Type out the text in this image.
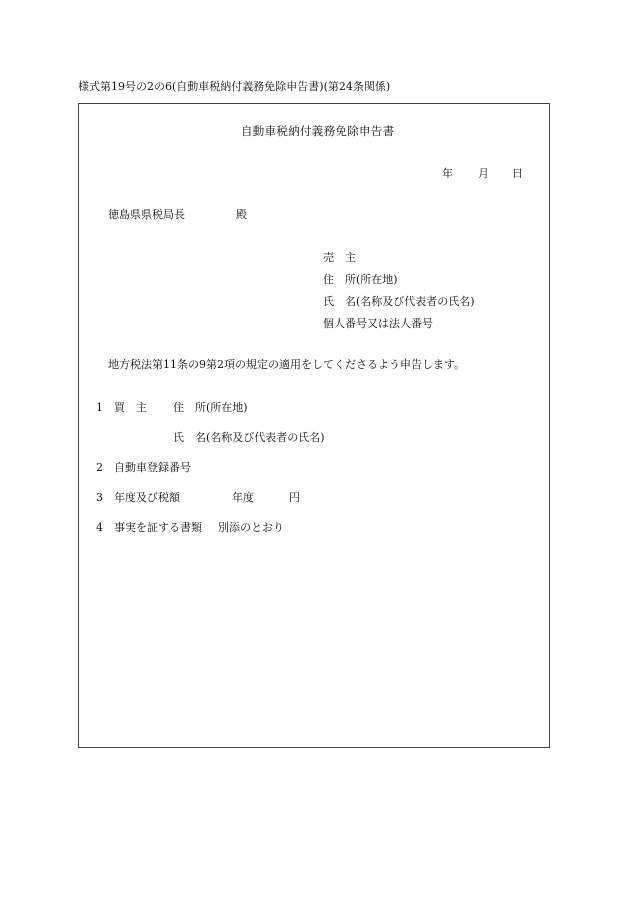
様式第19号の2の6(自動車税納付義務免除申告書)(第24条関係)
自動車税納付義務免除申告書
年 月 日
徳島県県税局長	殿
売　主
住　所(所在地)
氏　名(名称及び代表者の氏名)
個人番号又は法人番号
地方税法第11条の9第2項の規定の適用をしてくださるよう申告します。
1 買　主 住　所(所在地)
氏　名(名称及び代表者の氏名)
2 自動車登録番号
3 年度及び税額	年度	円
4 事実を証する書類 別添のとおり
